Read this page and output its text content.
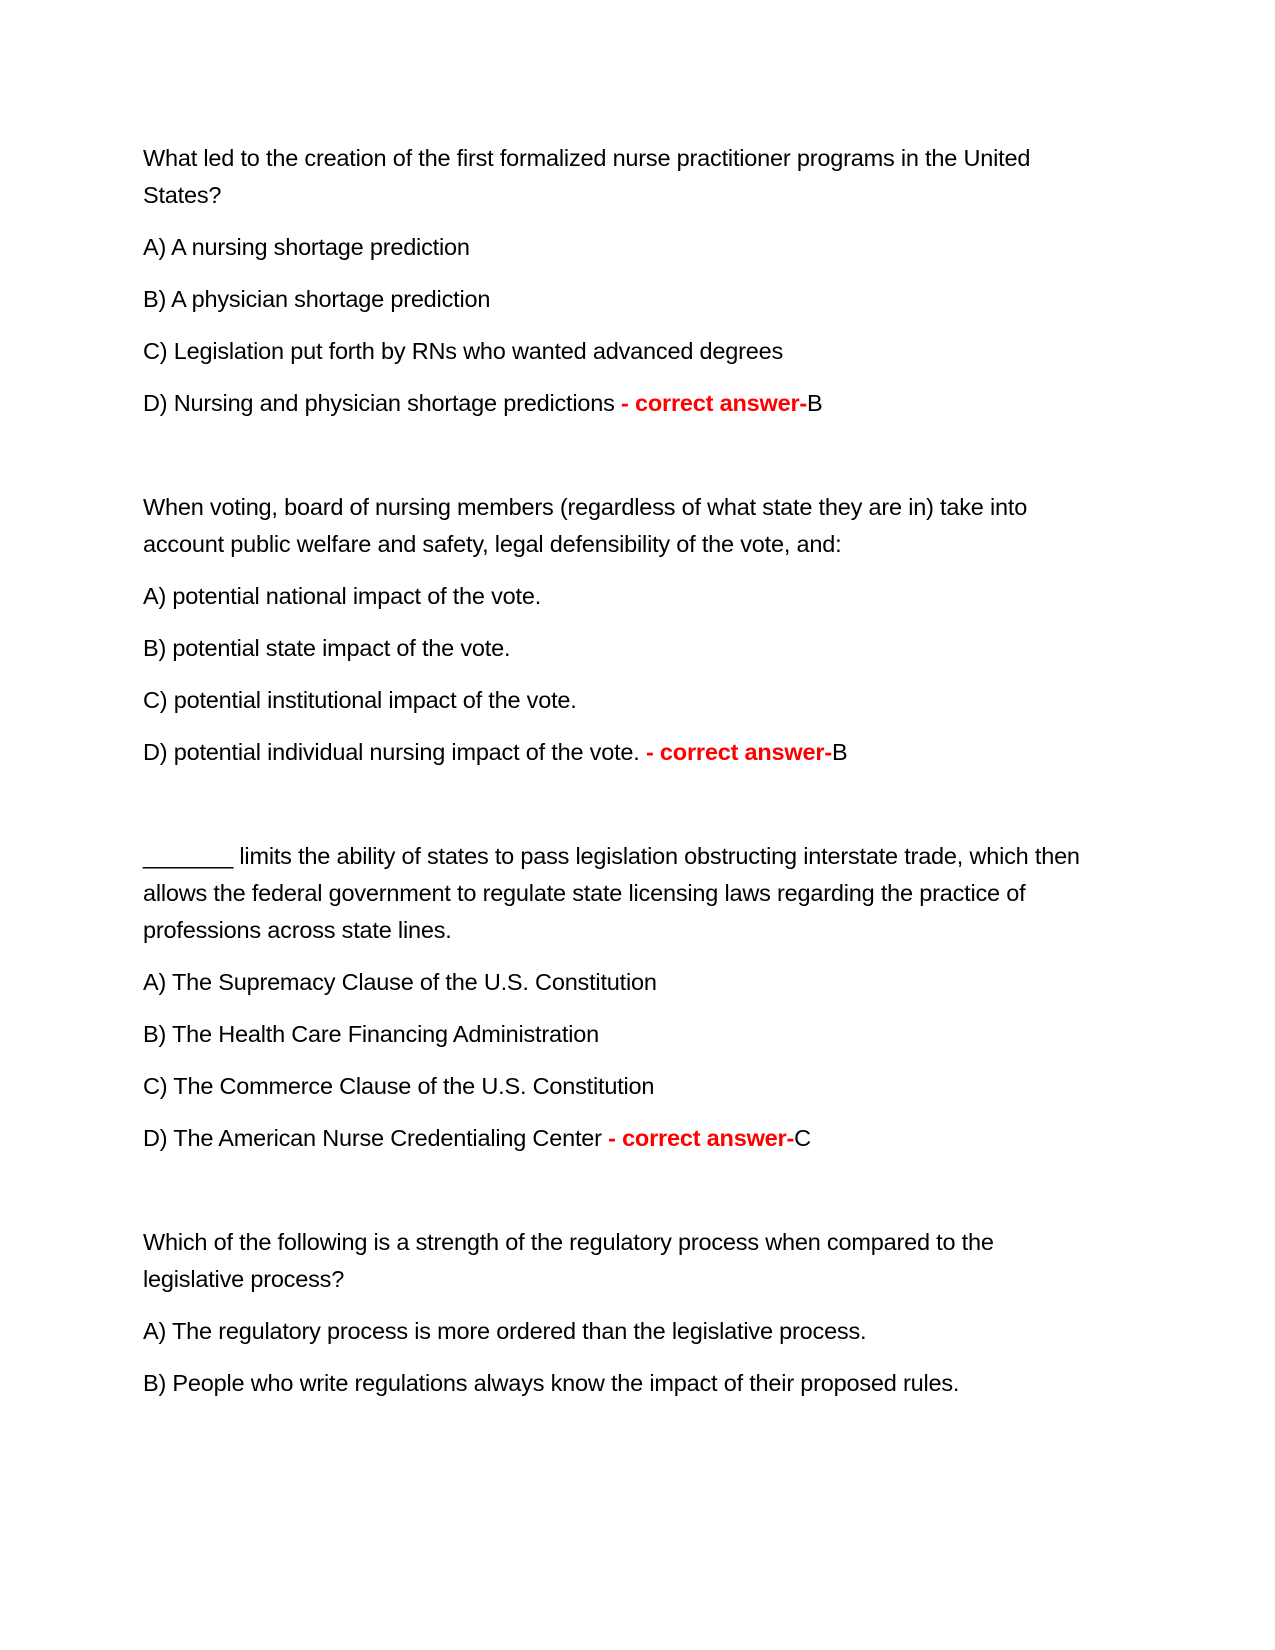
What led to the creation of the first formalized nurse practitioner programs in the United States?

A) A nursing shortage prediction

B) A physician shortage prediction

C) Legislation put forth by RNs who wanted advanced degrees

D) Nursing and physician shortage predictions - correct answer-B

When voting, board of nursing members (regardless of what state they are in) take into account public welfare and safety, legal defensibility of the vote, and:

A) potential national impact of the vote.

B) potential state impact of the vote.

C) potential institutional impact of the vote.

D) potential individual nursing impact of the vote. - correct answer-B

_______ limits the ability of states to pass legislation obstructing interstate trade, which then allows the federal government to regulate state licensing laws regarding the practice of professions across state lines.

A) The Supremacy Clause of the U.S. Constitution

B) The Health Care Financing Administration

C) The Commerce Clause of the U.S. Constitution

D) The American Nurse Credentialing Center - correct answer-C

Which of the following is a strength of the regulatory process when compared to the legislative process?

A) The regulatory process is more ordered than the legislative process.

B) People who write regulations always know the impact of their proposed rules.
